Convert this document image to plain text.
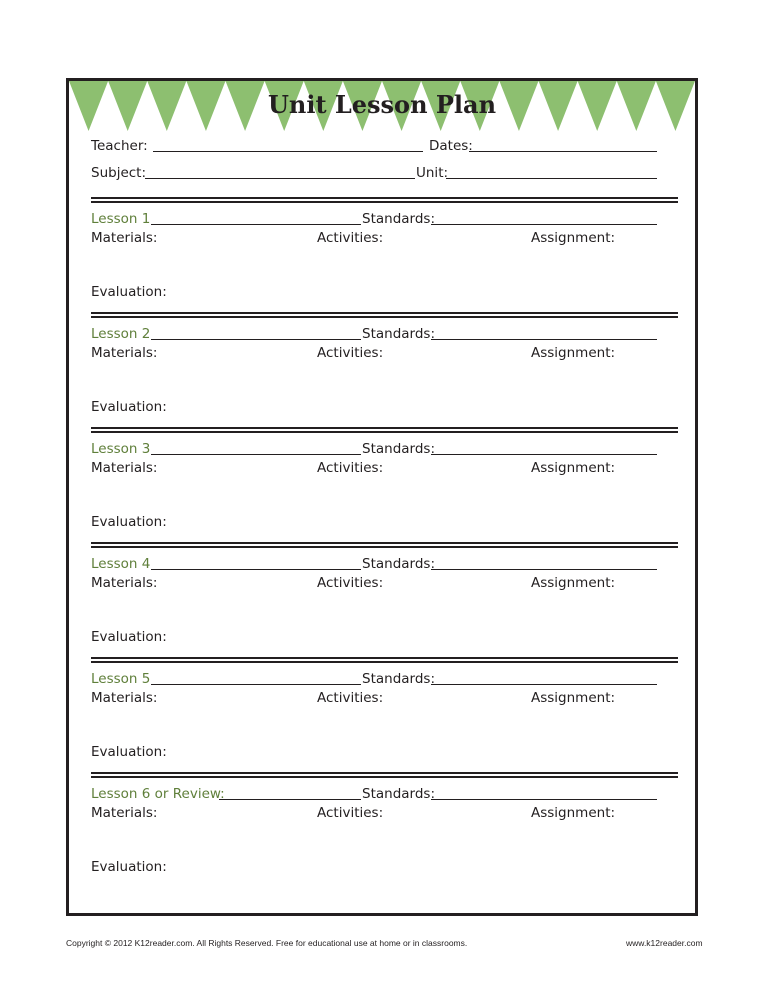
Unit Lesson Plan
Teacher:	Dates:
Subject:	Unit:
Lesson 1	Standards:
Materials:	Activities:	Assignment:
Evaluation:
Lesson 2	Standards:
Materials:	Activities:	Assignment:
Evaluation:
Lesson 3	Standards:
Materials:	Activities:	Assignment:
Evaluation:
Lesson 4	Standards:
Materials:	Activities:	Assignment:
Evaluation:
Lesson 5	Standards:
Materials:	Activities:	Assignment:
Evaluation:
Lesson 6 or Review:	Standards:
Materials:	Activities:	Assignment:
Evaluation:
Copyright © 2012 K12reader.com. All Rights Reserved. Free for educational use at home or in classrooms.	www.k12reader.com
